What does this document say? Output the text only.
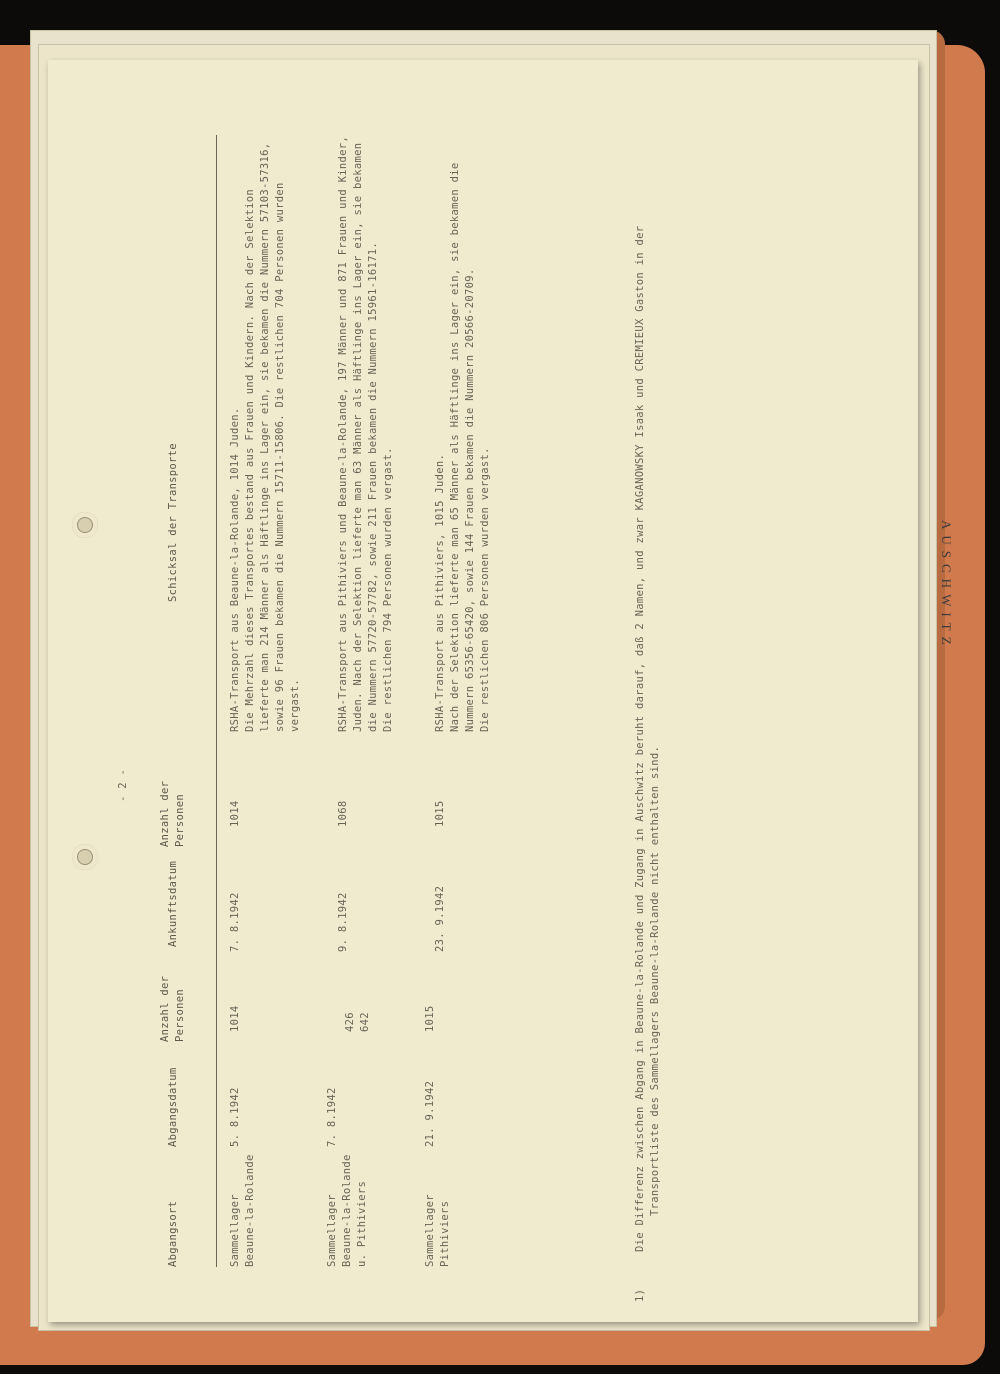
AUSCHWITZ
- 2 -
Abgangsort
Abgangsdatum
Anzahl der Personen
Ankunftsdatum
Anzahl der Personen
Schicksal der Transporte
Sammellager Beaune-la-Rolande
5. 8.1942
1014
7. 8.1942
1014
RSHA-Transport aus Beaune-la-Rolande, 1014 Juden. Die Mehrzahl dieses Transportes bestand aus Frauen und Kindern. Nach der Selektion lieferte man 214 Männer als Häftlinge ins Lager ein, sie bekamen die Nummern 57103-57316, sowie 96 Frauen bekamen die Nummern 15711-15806. Die restlichen 704 Personen wurden vergast.
Sammellager Beaune-la-Rolande u. Pithiviers
7. 8.1942
426 642
9. 8.1942
1068
RSHA-Transport aus Pithiviers und Beaune-la-Rolande, 197 Männer und 871 Frauen und Kinder, Juden. Nach der Selektion lieferte man 63 Männer als Häftlinge ins Lager ein, sie bekamen die Nummern 57720-57782, sowie 211 Frauen bekamen die Nummern 15961-16171. Die restlichen 794 Personen wurden vergast.
Sammellager Pithiviers
21. 9.1942
1015
23. 9.1942
1015
RSHA-Transport aus Pithiviers, 1015 Juden. Nach der Selektion lieferte man 65 Männer als Häftlinge ins Lager ein, sie bekamen die Nummern 65356-65420, sowie 144 Frauen bekamen die Nummern 20566-20709. Die restlichen 806 Personen wurden vergast.
1)
Die Differenz zwischen Abgang in Beaune-la-Rolande und Zugang in Auschwitz beruht darauf, daß 2 Namen, und zwar KAGANOWSKY Isaak und CREMIEUX Gaston in der Transportliste des Sammellagers Beaune-la-Rolande nicht enthalten sind.
